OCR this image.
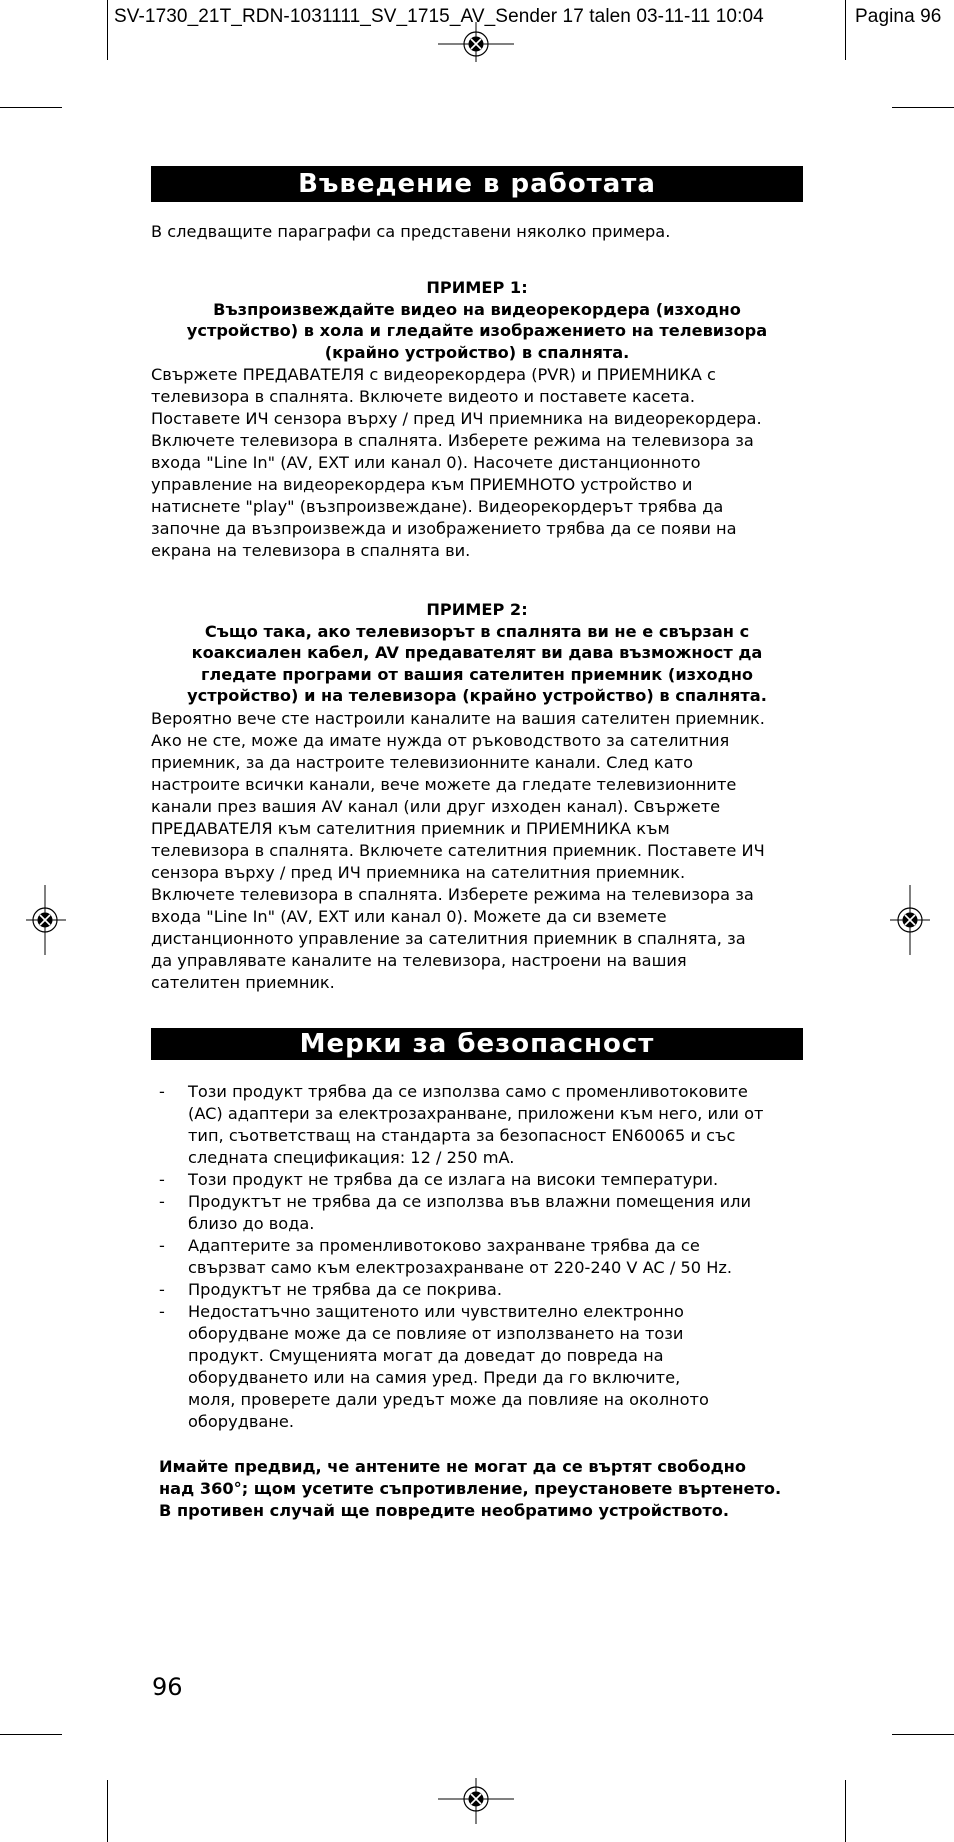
SV-1730_21T_RDN-1031111_SV_1715_AV_Sender 17 talen 03-11-11 10:04	Pagina 96
Въведение в работата

В следващите параграфи са представени няколко примера.

ПРИМЕР 1:
Възпроизвеждайте видео на видеорекордера (изходно
устройство) в хола и гледайте изображението на телевизора
(крайно устройство) в спалнята.
Свържете ПРЕДАВАТЕЛЯ с видеорекордера (PVR) и ПРИЕМНИКА с
телевизора в спалнята. Включете видеото и поставете касета.
Поставете ИЧ сензора върху / пред ИЧ приемника на видеорекордера.
Включете телевизора в спалнята. Изберете режима на телевизора за
входа "Line In" (AV, EXT или канал 0). Насочете дистанционното
управление на видеорекордера към ПРИЕМНОТО устройство и
натиснете "play" (възпроизвеждане). Видеорекордерът трябва да
започне да възпроизвежда и изображението трябва да се появи на
екрана на телевизора в спалнята ви.
ПРИМЕР 2:
Също така, ако телевизорът в спалнята ви не е свързан с
коаксиален кабел, AV предавателят ви дава възможност да
гледате програми от вашия сателитен приемник (изходно
устройство) и на телевизора (крайно устройство) в спалнята.
Вероятно вече сте настроили каналите на вашия сателитен приемник.
Ако не сте, може да имате нужда от ръководството за сателитния
приемник, за да настроите телевизионните канали. След като
настроите всички канали, вече можете да гледате телевизионните
канали през вашия AV канал (или друг изходен канал). Свържете
ПРЕДАВАТЕЛЯ към сателитния приемник и ПРИЕМНИКА към
телевизора в спалнята. Включете сателитния приемник. Поставете ИЧ
сензора върху / пред ИЧ приемника на сателитния приемник.
Включете телевизора в спалнята. Изберете режима на телевизора за
входа "Line In" (AV, EXT или канал 0). Можете да си вземете
дистанционното управление за сателитния приемник в спалнята, за
да управлявате каналите на телевизора, настроени на вашия
сателитен приемник.
Мерки за безопасност
- Този продукт трябва да се използва само с променливотоковите
(AC) адаптери за електрозахранване, приложени към него, или от
тип, съответстващ на стандарта за безопасност EN60065 и със
следната спецификация: 12 / 250 mA.
- Този продукт не трябва да се излага на високи температури.
- Продуктът не трябва да се използва във влажни помещения или
близо до вода.
- Адаптерите за променливотоково захранване трябва да се
свързват само към електрозахранване от 220-240 V AC / 50 Hz.
- Продуктът не трябва да се покрива.
- Недостатъчно защитеното или чувствително електронно
оборудване може да се повлияе от използването на този
продукт. Смущенията могат да доведат до повреда на
оборудването или на самия уред. Преди да го включите,
моля, проверете дали уредът може да повлияе на околното
оборудване.
Имайте предвид, че антените не могат да се въртят свободно
над 360°; щом усетите съпротивление, преустановете въртенето.
В противен случай ще повредите необратимо устройството.
96
